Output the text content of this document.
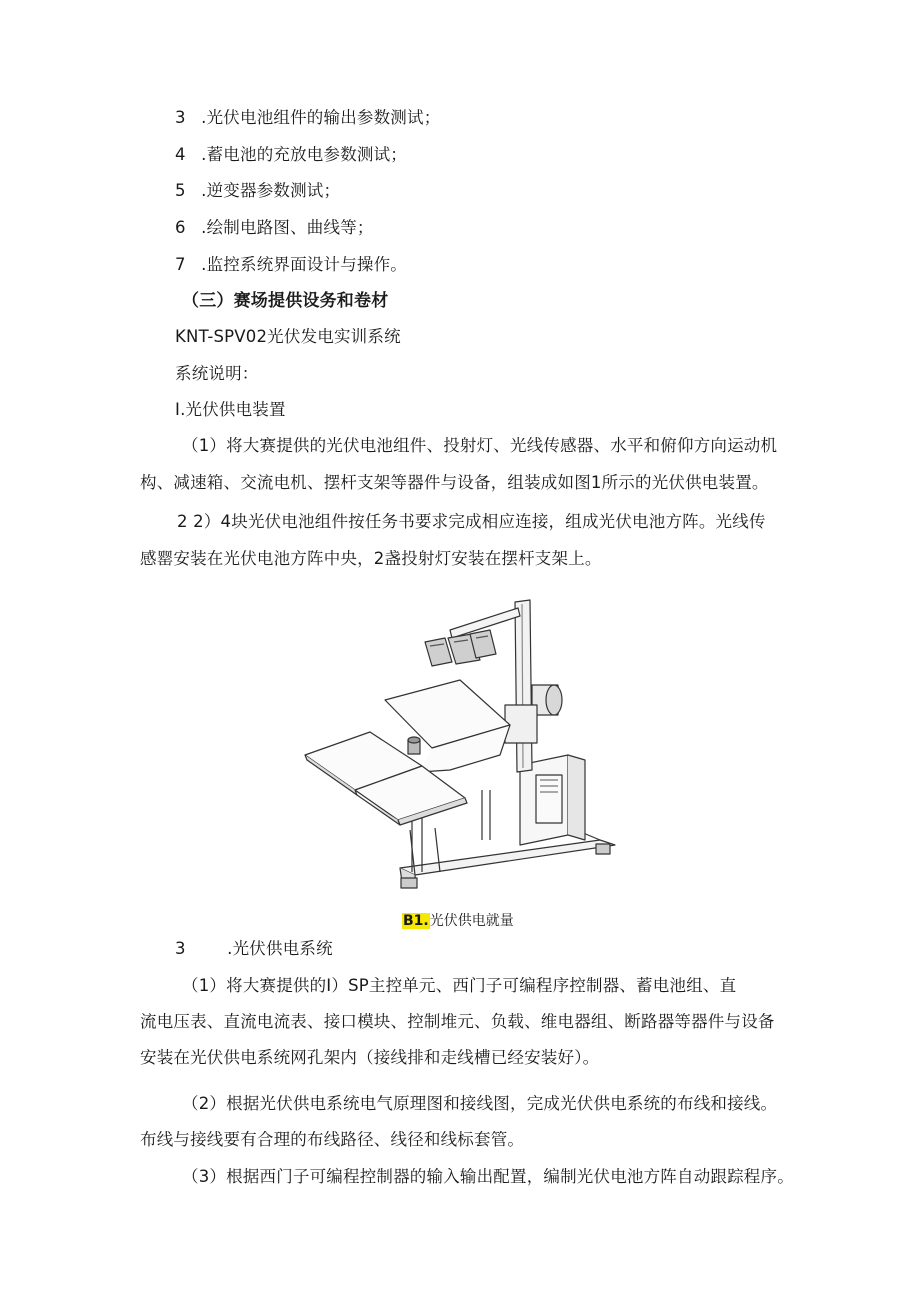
3 .光伏电池组件的输出参数测试；
4 .蓄电池的充放电参数测试；
5 .逆变器参数测试；
6 .绘制电路图、曲线等；
7 .监控系统界面设计与操作。
（三）赛场提供设务和卷材
KNT-SPV02光伏发电实训系统
系统说明：
I.光伏供电装置
（1）将大赛提供的光伏电池组件、投射灯、光线传感器、水平和俯仰方向运动机
构、减速箱、交流电机、摆杆支架等器件与设备，组装成如图1所示的光伏供电装置。
2 2）4块光伏电池组件按任务书要求完成相应连接，组成光伏电池方阵。光线传
感罂安装在光伏电池方阵中央，2盏投射灯安装在摆杆支架上。
B1.光伏供电就量
3	.光伏供电系统
（1）将大赛提供的I）SP主控单元、西门子可编程序控制器、蓄电池组、直
流电压表、直流电流表、接口模块、控制堆元、负载、维电器组、断路器等器件与设备
安装在光伏供电系统网孔架内（接线排和走线槽已经安装好）。
（2）根据光伏供电系统电气原理图和接线图，完成光伏供电系统的布线和接线。
布线与接线要有合理的布线路径、线径和线标套管。
（3）根据西门子可编程控制器的输入输出配置，编制光伏电池方阵自动跟踪程序。
